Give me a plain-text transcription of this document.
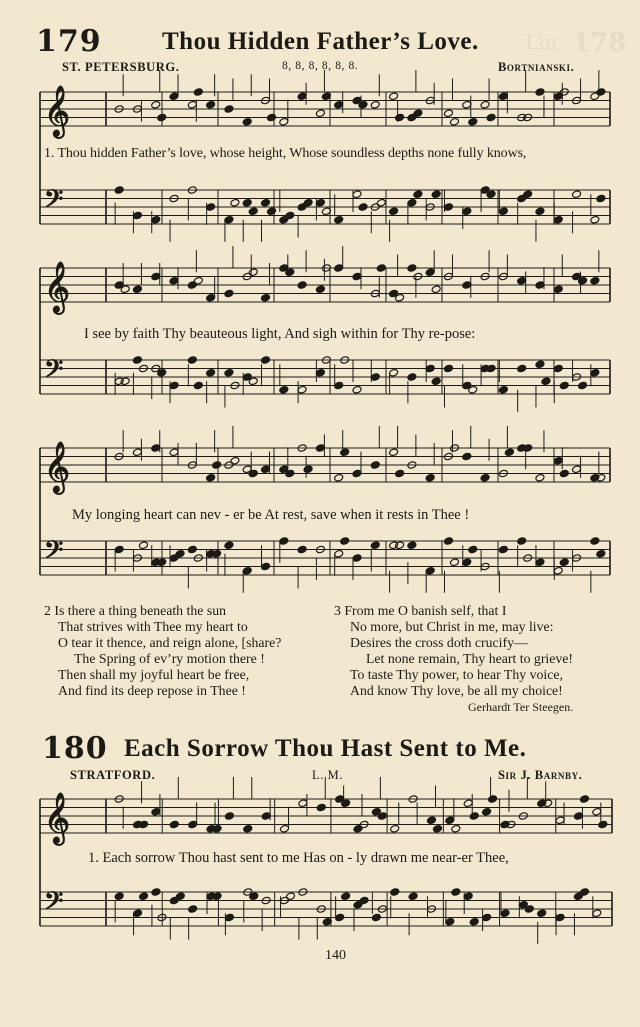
178
Lin
179 Thou Hidden Father’s Love.
ST. PETERSBURG.	8, 8, 8, 8, 8, 8.	Bortnianski.
𝄞
𝄢
𝄞
𝄢
𝄞
𝄢
𝄞
𝄢
1. Thou hidden Father’s love, whose height, Whose soundless depths none fully knows,
I see by faith Thy beauteous light, And sigh within for Thy re-pose:
My longing heart can nev - er be At rest, save when it rests in Thee !
2 Is there a thing beneath the sun
That strives with Thee my heart to
O tear it thence, and reign alone, [share?
The Spring of ev’ry motion there !
Then shall my joyful heart be free,
And find its deep repose in Thee !
3 From me O banish self, that I
No more, but Christ in me, may live:
Desires the cross doth crucify—
Let none remain, Thy heart to grieve!
To taste Thy power, to hear Thy voice,
And know Thy love, be all my choice!
Gerhardt Ter Steegen.
180 Each Sorrow Thou Hast Sent to Me.
STRATFORD.	L. M.	Sir J. Barnby.
1. Each sorrow Thou hast sent to me Has on - ly drawn me near-er Thee,
140
